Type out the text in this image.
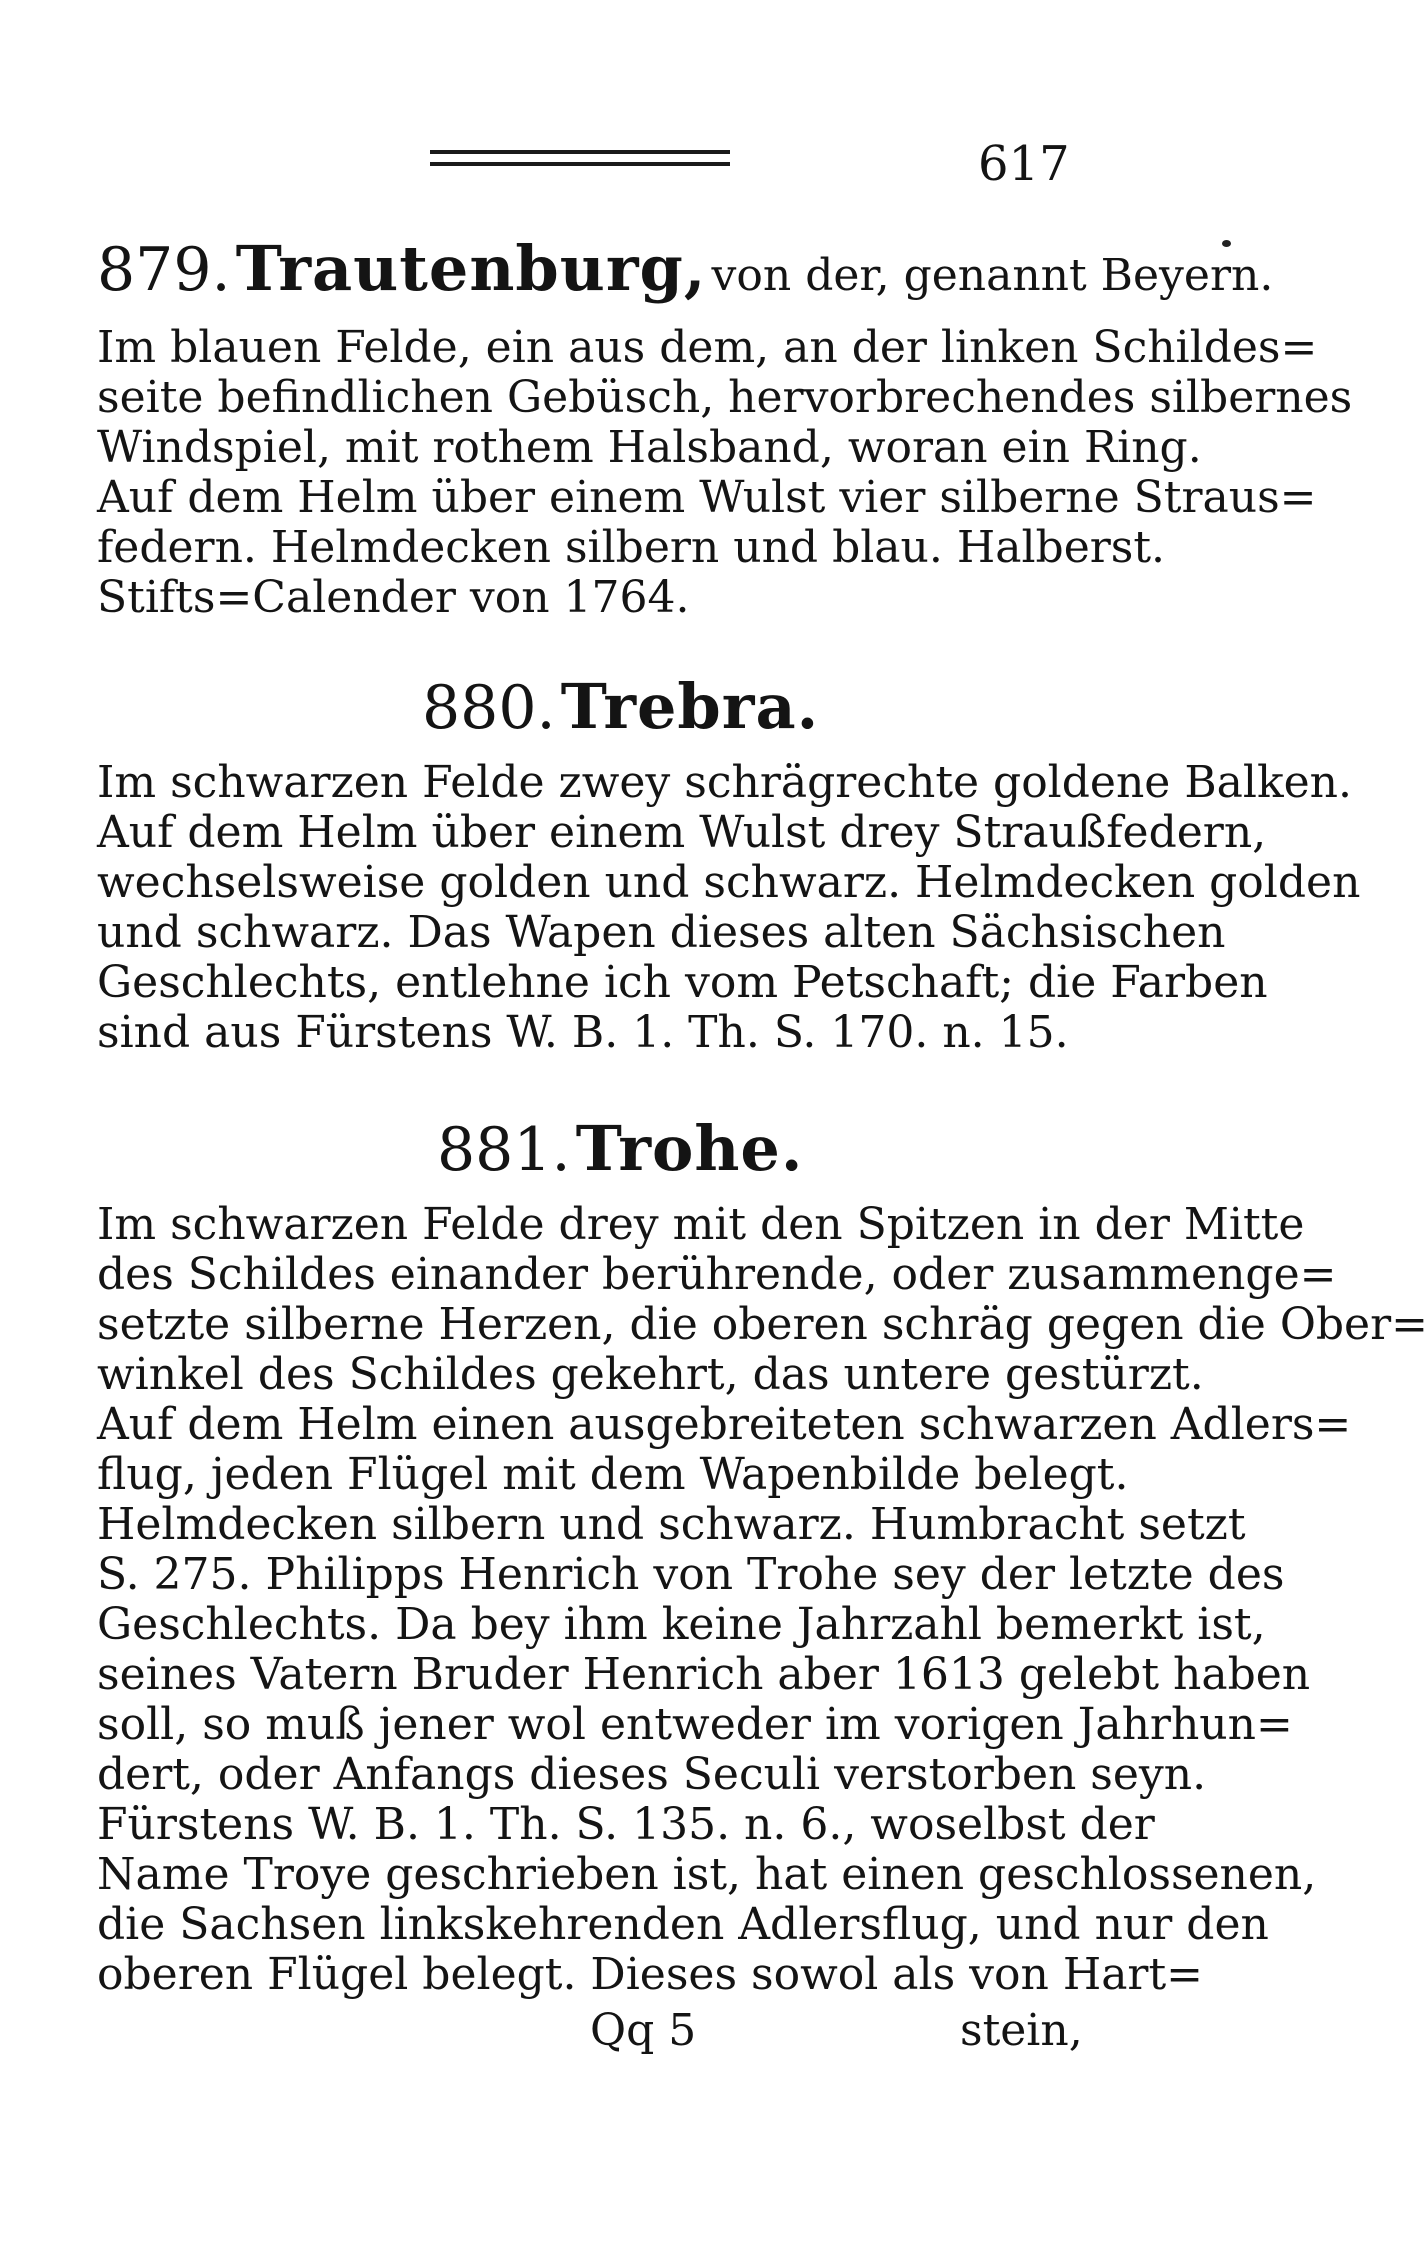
617
879. Trautenburg, von der, genannt Beyern.
Im blauen Felde, ein aus dem, an der linken Schildes=
seite befindlichen Gebüsch, hervorbrechendes silbernes
Windspiel, mit rothem Halsband, woran ein Ring.
Auf dem Helm über einem Wulst vier silberne Straus=
federn. Helmdecken silbern und blau. Halberst.
Stifts=Calender von 1764.
880. Trebra.
Im schwarzen Felde zwey schrägrechte goldene Balken.
Auf dem Helm über einem Wulst drey Straußfedern,
wechselsweise golden und schwarz. Helmdecken golden
und schwarz. Das Wapen dieses alten Sächsischen
Geschlechts, entlehne ich vom Petschaft; die Farben
sind aus Fürstens W. B. 1. Th. S. 170. n. 15.
881. Trohe.
Im schwarzen Felde drey mit den Spitzen in der Mitte
des Schildes einander berührende, oder zusammenge=
setzte silberne Herzen, die oberen schräg gegen die Ober=
winkel des Schildes gekehrt, das untere gestürzt.
Auf dem Helm einen ausgebreiteten schwarzen Adlers=
flug, jeden Flügel mit dem Wapenbilde belegt.
Helmdecken silbern und schwarz. Humbracht setzt
S. 275. Philipps Henrich von Trohe sey der letzte des
Geschlechts. Da bey ihm keine Jahrzahl bemerkt ist,
seines Vatern Bruder Henrich aber 1613 gelebt haben
soll, so muß jener wol entweder im vorigen Jahrhun=
dert, oder Anfangs dieses Seculi verstorben seyn.
Fürstens W. B. 1. Th. S. 135. n. 6., woselbst der
Name Troye geschrieben ist, hat einen geschlossenen,
die Sachsen linkskehrenden Adlersflug, und nur den
oberen Flügel belegt. Dieses sowol als von Hart=
Qq 5	stein,
